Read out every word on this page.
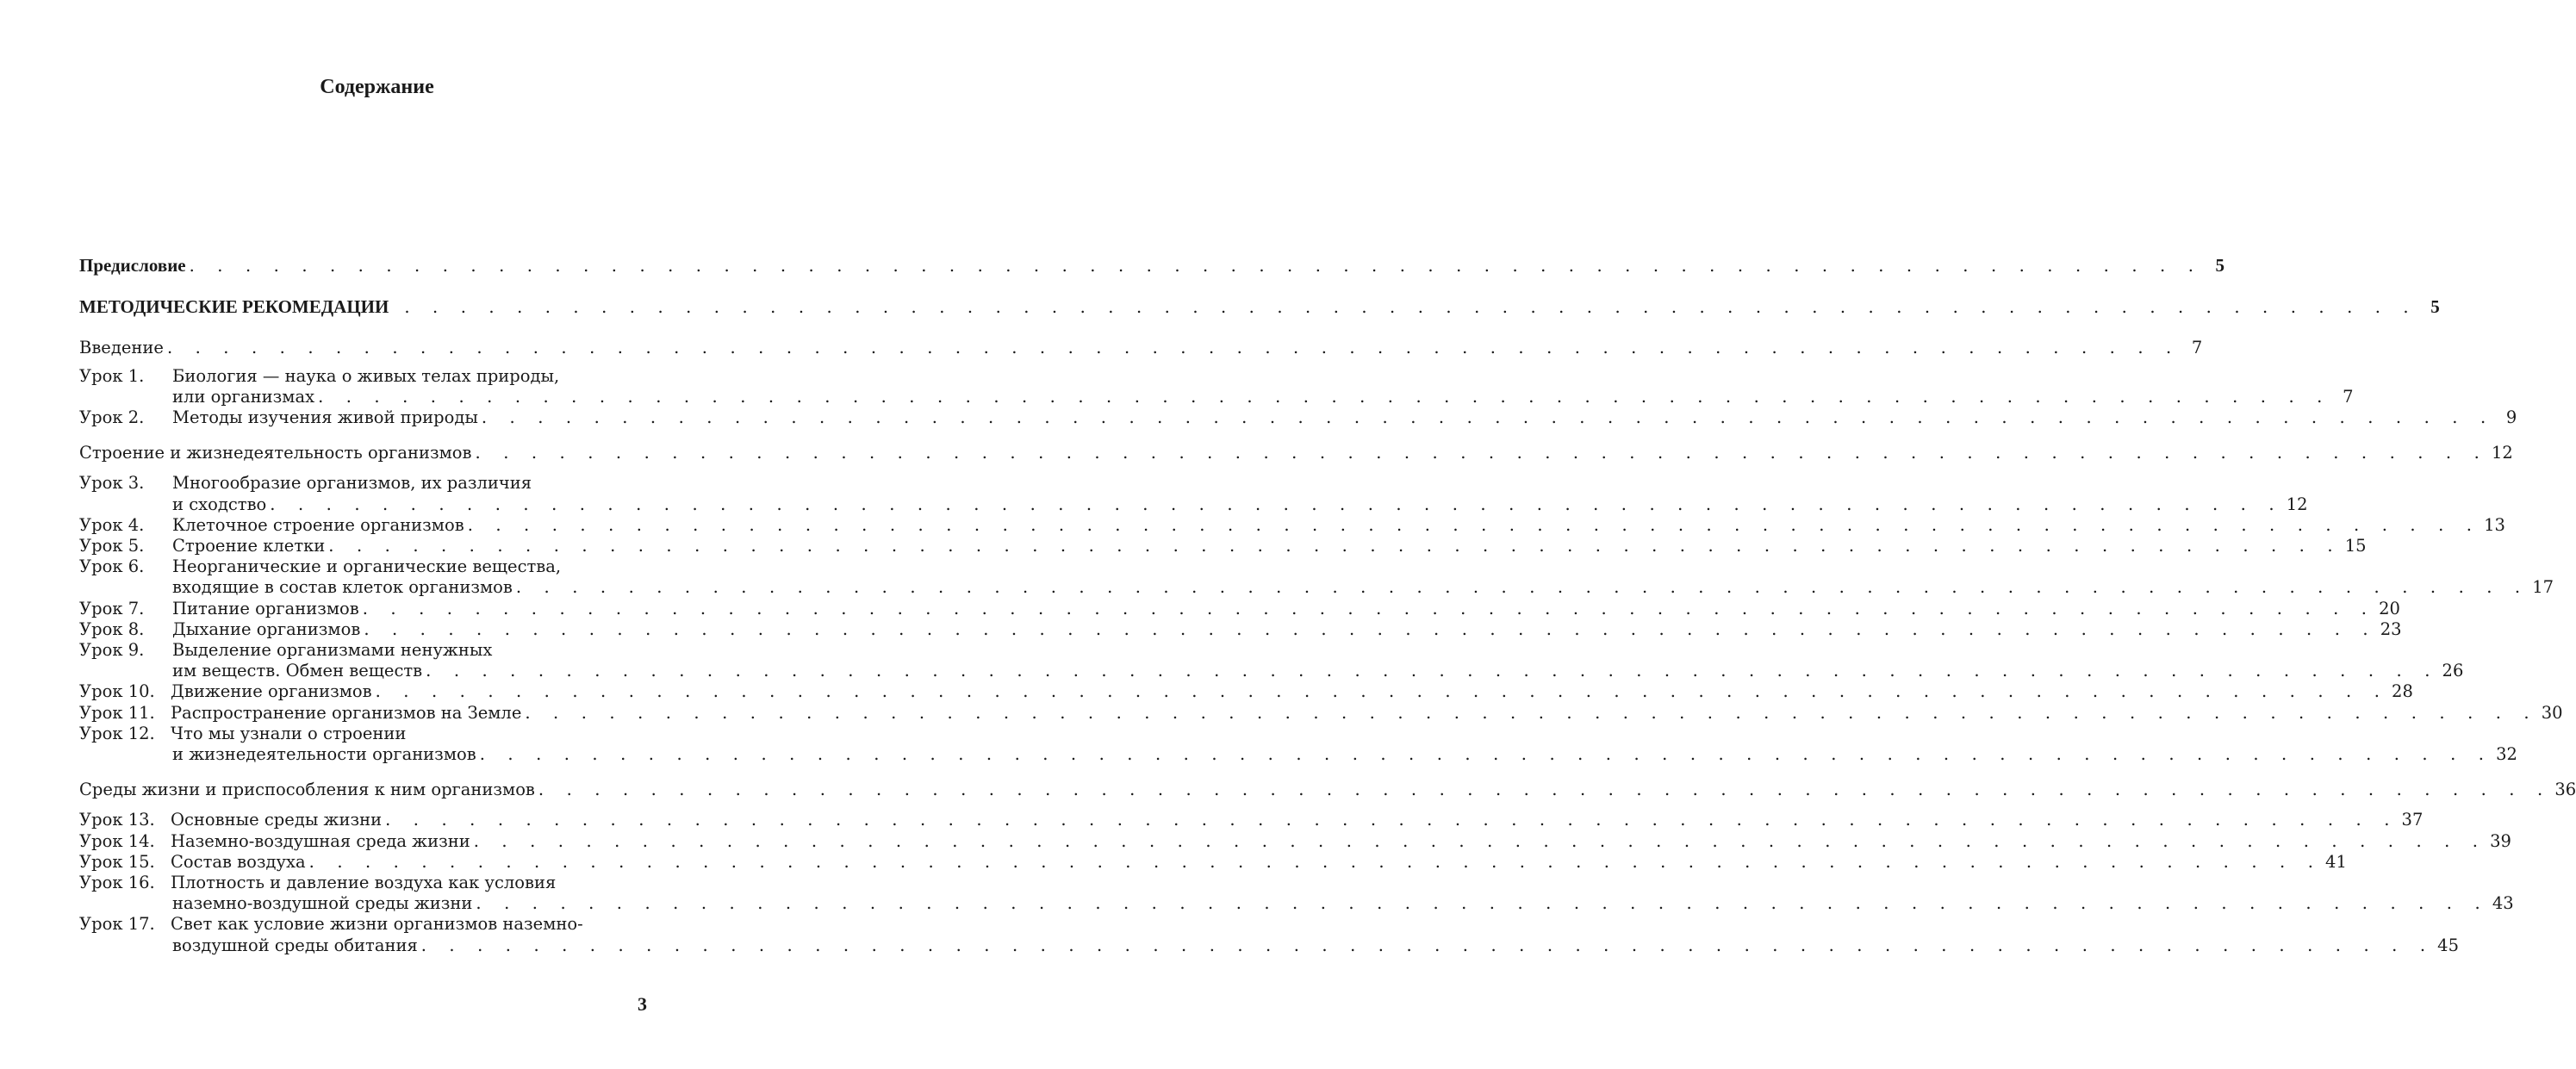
Содержание
Предисловие . . .	5
МЕТОДИЧЕСКИЕ РЕКОМЕДАЦИИ . . .	5
Введение . . .	7
Урок 1.	Биология — наука о живых телах природы,
или организмах . . .	7
Урок 2.	Методы изучения живой природы . . .	9
Строение и жизнедеятельность организмов . . .	12
Урок 3.	Многообразие организмов, их различия
и сходство . . .	12
Урок 4.	Клеточное строение организмов . . .	13
Урок 5.	Строение клетки . . .	15
Урок 6.	Неорганические и органические вещества,
входящие в состав клеток организмов . . .	17
Урок 7.	Питание организмов . . .	20
Урок 8.	Дыхание организмов . . .	23
Урок 9.	Выделение организмами ненужных
им веществ. Обмен веществ . . .	26
Урок 10. Движение организмов . . .	28
Урок 11. Распространение организмов на Земле . . .	30
Урок 12. Что мы узнали о строении
и жизнедеятельности организмов . . .	32
Среды жизни и приспособления к ним организмов . . .	36
Урок 13. Основные среды жизни . . .	37
Урок 14. Наземно-воздушная среда жизни . . .	39
Урок 15. Состав воздуха . . .	41
Урок 16. Плотность и давление воздуха как условия
наземно-воздушной среды жизни . . .	43
Урок 17. Свет как условие жизни организмов наземно-
воздушной среды обитания . . .	45
3
